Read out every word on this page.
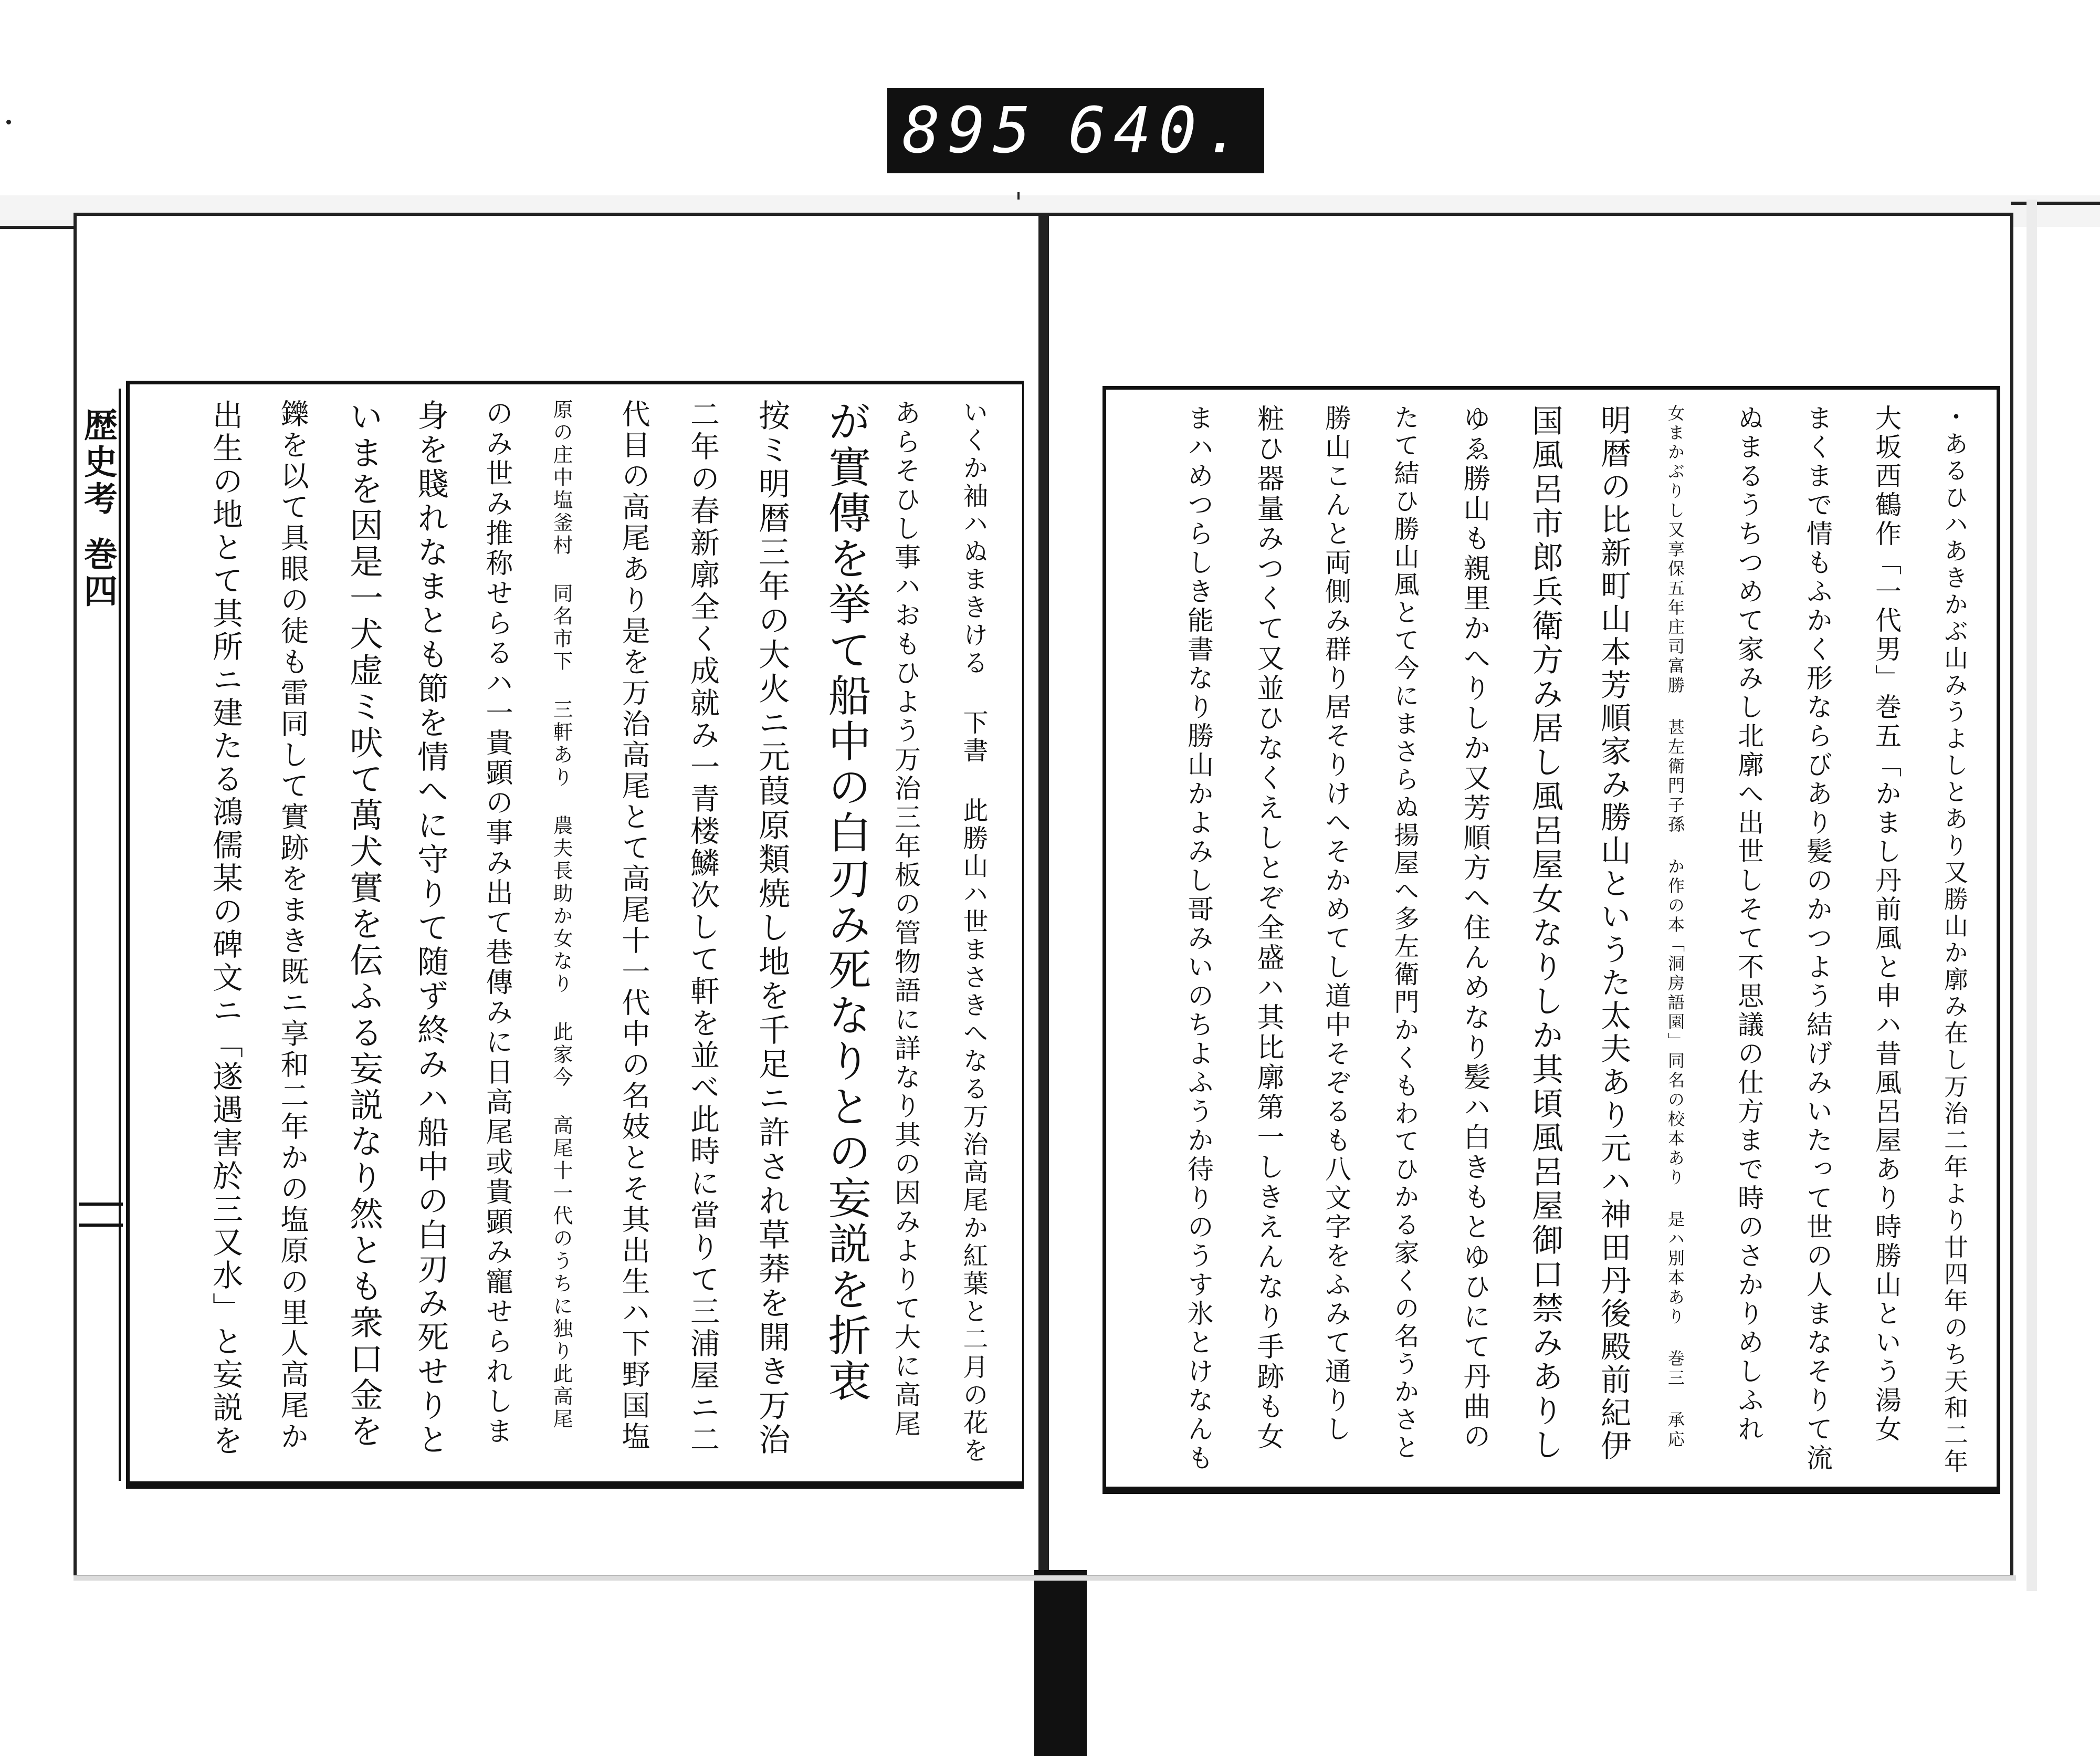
895 640.
歴史考巻四	・あるひハあきかぶ山みうよしとあり又勝山か廓み在し万治二年より廿四年のち天和二年
大坂西鶴作「一代男」巻五「かまし丹前風と申ハ昔風呂屋あり時勝山という湯女
まくまで情もふかく形ならびあり髪のかつよう結げみいたって世の人まなそりて流
ぬまるうちつめて家みし北廓へ出世しそて不思議の仕方まで時のさかりめしふれ
女まかぶりし又享保五年庄司富勝 甚左衛門子孫 か作の本「洞房語園」同名の校本あり 是ハ別本あり 巻三 承応
明暦の比新町山本芳順家み勝山というた太夫あり元ハ神田丹後殿前紀伊
国風呂市郎兵衛方み居し風呂屋女なりしか其頃風呂屋御口禁みありし
ゆゑ勝山も親里かへりしか又芳順方へ住んめなり髪ハ白きもとゆひにて丹曲の
たて結ひ勝山風とて今にまさらぬ揚屋へ多左衛門かくもわてひかる家くの名うかさと
勝山こんと両側み群り居そりけへそかめてし道中そぞるも八文字をふみて通りし
粧ひ器量みつくて又並ひなくえしとぞ全盛ハ其比廓第一しきえんなり手跡も女
まハめつらしき能書なり勝山かよみし哥みいのちよふうか待りのうす氷とけなんも
いくか袖ハぬまきける 下書 此勝山ハ世まさきへなる万治高尾か紅葉と二月の花を
あらそひし事ハおもひよう万治三年板の管物語に詳なり其の因みよりて大に高尾
が實傳を挙て船中の白刃み死なりとの妄説を折衷
按ミ明暦三年の大火ニ元葭原類焼し地を千足ニ許され草莽を開き万治
二年の春新廓全く成就み一青楼鱗次して軒を並べ此時に當りて三浦屋ニ二
代目の高尾あり是を万治高尾とて高尾十一代中の名妓とそ其出生ハ下野国塩
原の庄中塩釜村 同名市下 三軒あり 農夫長助か女なり 此家今 高尾十一代のうちに独り此高尾
のみ世み推称せらるハ一貴顕の事み出て巷傳みに日高尾或貴顕み寵せられしま
身を賤れなまとも節を情へに守りて随ず終みハ船中の白刃み死せりと
いまを因是一犬虚ミ吠て萬犬實を伝ふる妄説なり然とも衆口金を
鑠を以て具眼の徒も雷同して實跡をまき既ニ享和二年かの塩原の里人高尾か
出生の地とて其所ニ建たる鴻儒某の碑文ニ「遂遇害於三又水」と妄説を
